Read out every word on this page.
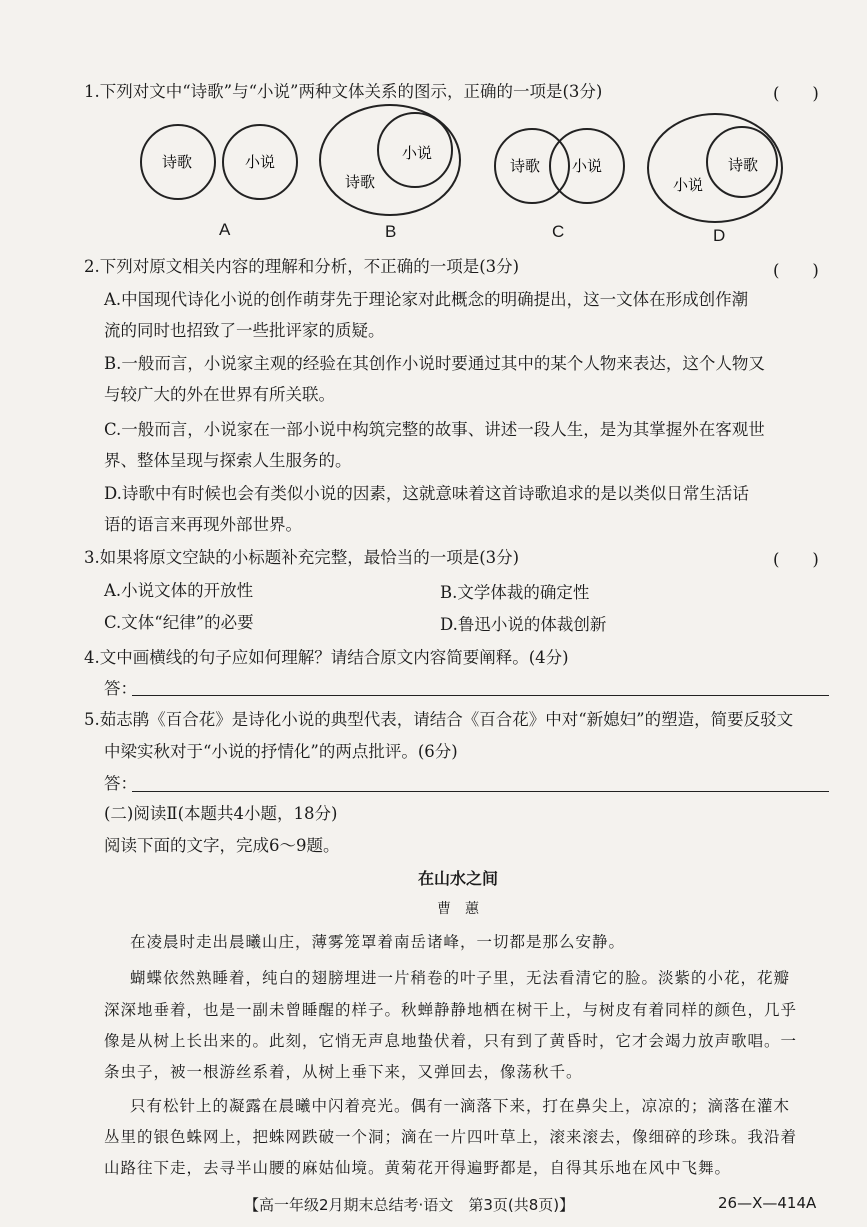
1.下列对文中“诗歌”与“小说”两种文体关系的图示，正确的一项是(3分)	(　　)
诗歌	小说
诗歌
小说
诗歌 小说
小说
诗歌
A	B	C	D
2.下列对原文相关内容的理解和分析，不正确的一项是(3分)	(　　)
A.中国现代诗化小说的创作萌芽先于理论家对此概念的明确提出，这一文体在形成创作潮
流的同时也招致了一些批评家的质疑。
B.一般而言，小说家主观的经验在其创作小说时要通过其中的某个人物来表达，这个人物又
与较广大的外在世界有所关联。
C.一般而言，小说家在一部小说中构筑完整的故事、讲述一段人生，是为其掌握外在客观世
界、整体呈现与探索人生服务的。
D.诗歌中有时候也会有类似小说的因素，这就意味着这首诗歌追求的是以类似日常生活话
语的语言来再现外部世界。
3.如果将原文空缺的小标题补充完整，最恰当的一项是(3分)	(　　)
A.小说文体的开放性	B.文学体裁的确定性
C.文体“纪律”的必要	D.鲁迅小说的体裁创新
4.文中画横线的句子应如何理解？请结合原文内容简要阐释。(4分)
答：
5.茹志鹃《百合花》是诗化小说的典型代表，请结合《百合花》中对“新媳妇”的塑造，简要反驳文
中梁实秋对于“小说的抒情化”的两点批评。(6分)
答：
(二)阅读Ⅱ(本题共4小题，18分)
阅读下面的文字，完成6～9题。
在山水之间
曹　蕙
在凌晨时走出晨曦山庄，薄雾笼罩着南岳诸峰，一切都是那么安静。
蝴蝶依然熟睡着，纯白的翅膀埋进一片稍卷的叶子里，无法看清它的脸。淡紫的小花，花瓣
深深地垂着，也是一副未曾睡醒的样子。秋蝉静静地栖在树干上，与树皮有着同样的颜色，几乎
像是从树上长出来的。此刻，它悄无声息地蛰伏着，只有到了黄昏时，它才会竭力放声歌唱。一
条虫子，被一根游丝系着，从树上垂下来，又弹回去，像荡秋千。
只有松针上的凝露在晨曦中闪着亮光。偶有一滴落下来，打在鼻尖上，凉凉的；滴落在灌木
丛里的银色蛛网上，把蛛网跌破一个洞；滴在一片四叶草上，滚来滚去，像细碎的珍珠。我沿着
山路往下走，去寻半山腰的麻姑仙境。黄菊花开得遍野都是，自得其乐地在风中飞舞。
【高一年级2月期末总结考·语文　第3页(共8页)】	26—X—414A
